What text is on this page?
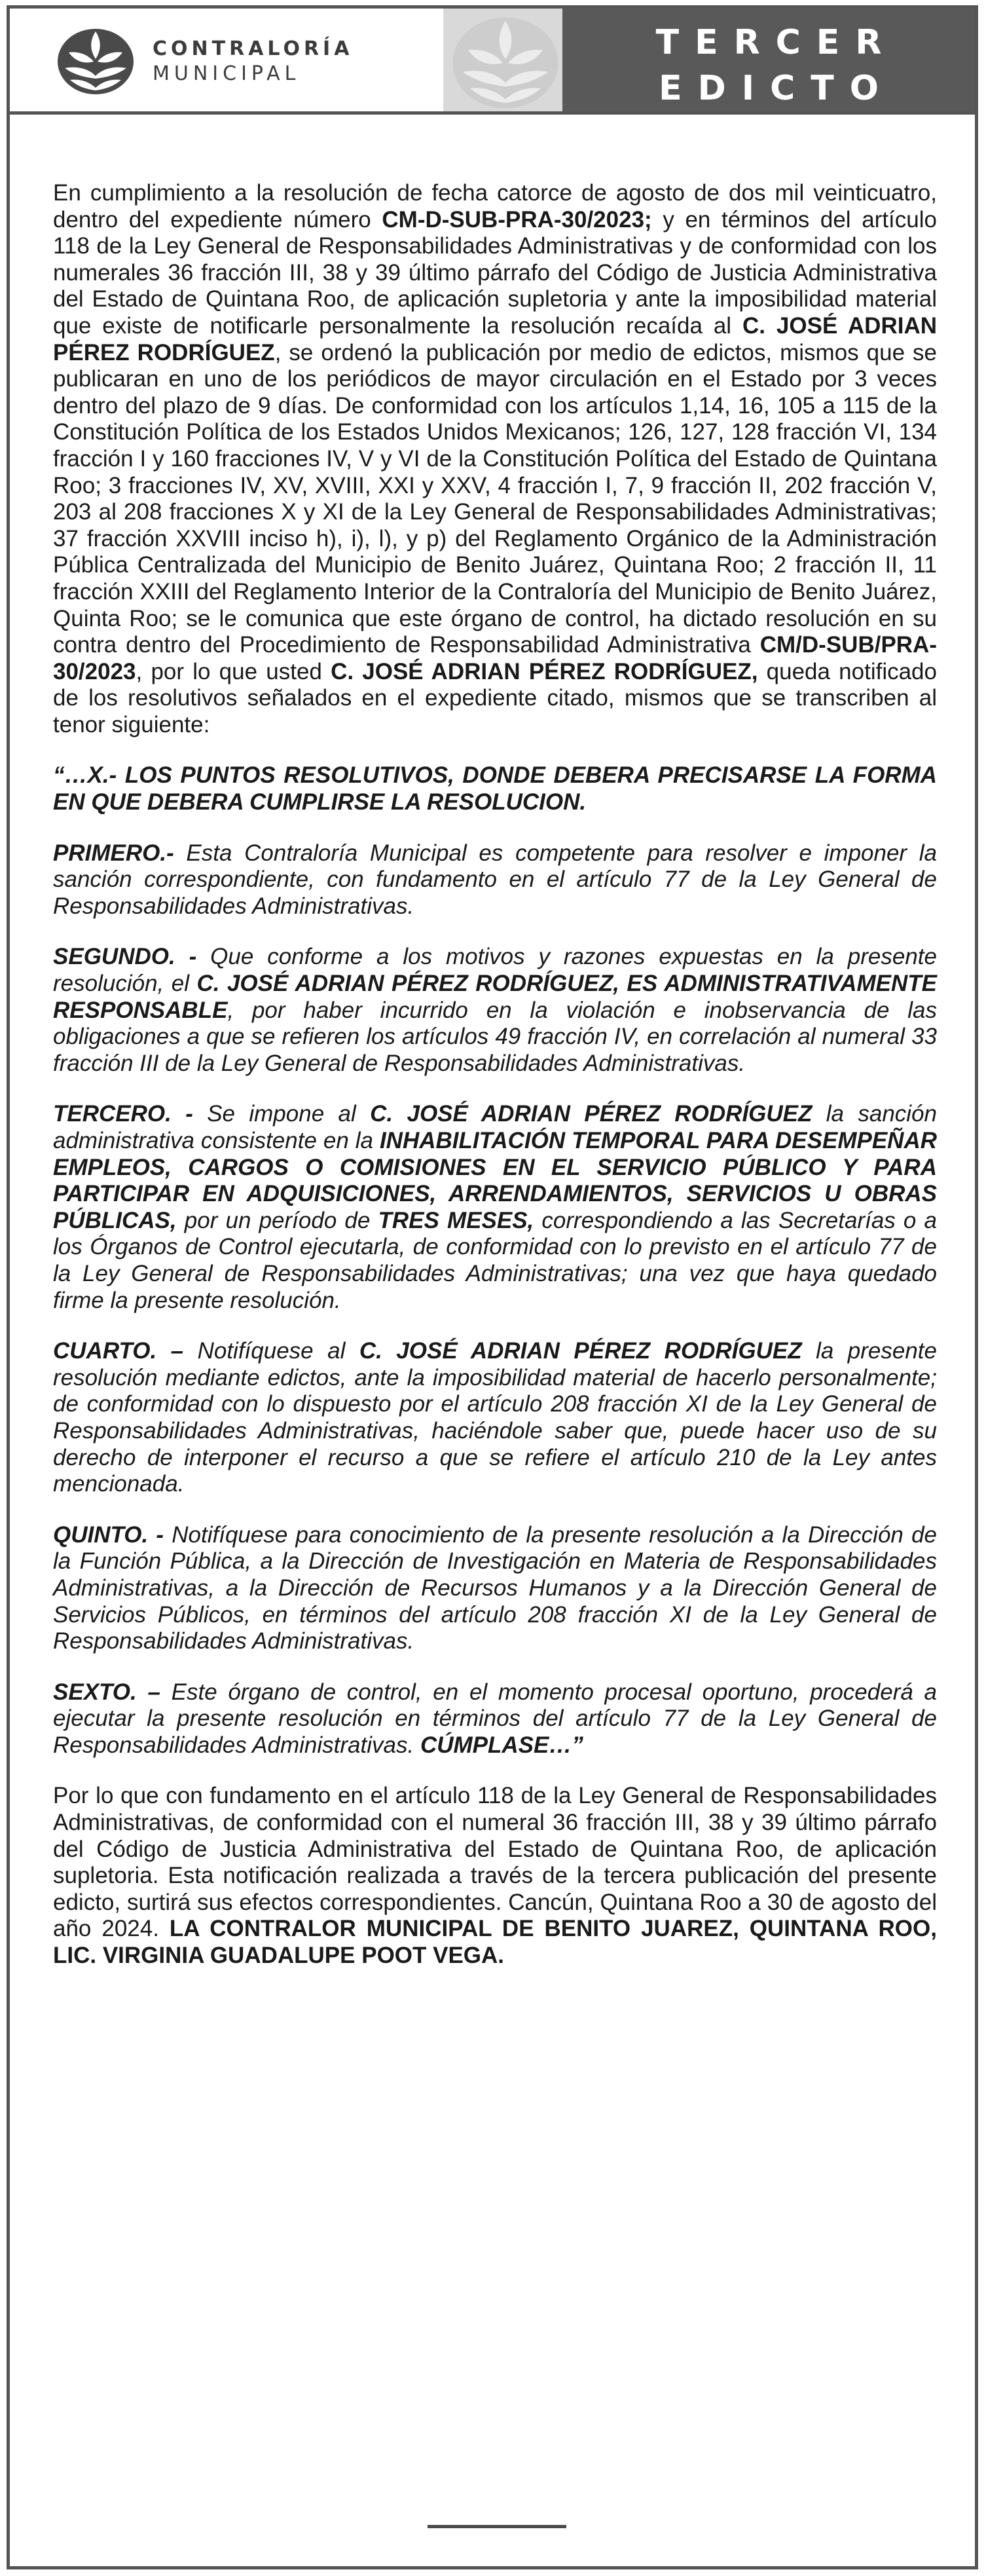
CONTRALORÍA
MUNICIPAL
TERCER
EDICTO

En cumplimiento a la resolución de fecha catorce de agosto de dos mil veinticuatro, dentro del expediente número CM-D-SUB-PRA-30/2023; y en términos del artículo 118 de la Ley General de Responsabilidades Administrativas y de conformidad con los numerales 36 fracción III, 38 y 39 último párrafo del Código de Justicia Administrativa del Estado de Quintana Roo, de aplicación supletoria y ante la imposibilidad material que existe de notificarle personalmente la resolución recaída al C. JOSÉ ADRIAN PÉREZ RODRÍGUEZ, se ordenó la publicación por medio de edictos, mismos que se publicaran en uno de los periódicos de mayor circulación en el Estado por 3 veces dentro del plazo de 9 días. De conformidad con los artículos 1,14, 16, 105 a 115 de la Constitución Política de los Estados Unidos Mexicanos; 126, 127, 128 fracción VI, 134 fracción I y 160 fracciones IV, V y VI de la Constitución Política del Estado de Quintana Roo; 3 fracciones IV, XV, XVIII, XXI y XXV, 4 fracción I, 7, 9 fracción II, 202 fracción V, 203 al 208 fracciones X y XI de la Ley General de Responsabilidades Administrativas; 37 fracción XXVIII inciso h), i), l), y p) del Reglamento Orgánico de la Administración Pública Centralizada del Municipio de Benito Juárez, Quintana Roo; 2 fracción II, 11 fracción XXIII del Reglamento Interior de la Contraloría del Municipio de Benito Juárez, Quinta Roo; se le comunica que este órgano de control, ha dictado resolución en su contra dentro del Procedimiento de Responsabilidad Administrativa CM/D-SUB/PRA-30/2023, por lo que usted C. JOSÉ ADRIAN PÉREZ RODRÍGUEZ, queda notificado de los resolutivos señalados en el expediente citado, mismos que se transcriben al tenor siguiente:

“…X.- LOS PUNTOS RESOLUTIVOS, DONDE DEBERA PRECISARSE LA FORMA EN QUE DEBERA CUMPLIRSE LA RESOLUCION.

PRIMERO.- Esta Contraloría Municipal es competente para resolver e imponer la sanción correspondiente, con fundamento en el artículo 77 de la Ley General de Responsabilidades Administrativas.

SEGUNDO. - Que conforme a los motivos y razones expuestas en la presente resolución, el C. JOSÉ ADRIAN PÉREZ RODRÍGUEZ, ES ADMINISTRATIVAMENTE RESPONSABLE, por haber incurrido en la violación e inobservancia de las obligaciones a que se refieren los artículos 49 fracción IV, en correlación al numeral 33 fracción III de la Ley General de Responsabilidades Administrativas.

TERCERO. - Se impone al C. JOSÉ ADRIAN PÉREZ RODRÍGUEZ la sanción administrativa consistente en la INHABILITACIÓN TEMPORAL PARA DESEMPEÑAR EMPLEOS, CARGOS O COMISIONES EN EL SERVICIO PÚBLICO Y PARA PARTICIPAR EN ADQUISICIONES, ARRENDAMIENTOS, SERVICIOS U OBRAS PÚBLICAS, por un período de TRES MESES, correspondiendo a las Secretarías o a los Órganos de Control ejecutarla, de conformidad con lo previsto en el artículo 77 de la Ley General de Responsabilidades Administrativas; una vez que haya quedado firme la presente resolución.

CUARTO. – Notifíquese al C. JOSÉ ADRIAN PÉREZ RODRÍGUEZ la presente resolución mediante edictos, ante la imposibilidad material de hacerlo personalmente; de conformidad con lo dispuesto por el artículo 208 fracción XI de la Ley General de Responsabilidades Administrativas, haciéndole saber que, puede hacer uso de su derecho de interponer el recurso a que se refiere el artículo 210 de la Ley antes mencionada.

QUINTO. - Notifíquese para conocimiento de la presente resolución a la Dirección de la Función Pública, a la Dirección de Investigación en Materia de Responsabilidades Administrativas, a la Dirección de Recursos Humanos y a la Dirección General de Servicios Públicos, en términos del artículo 208 fracción XI de la Ley General de Responsabilidades Administrativas.

SEXTO. – Este órgano de control, en el momento procesal oportuno, procederá a ejecutar la presente resolución en términos del artículo 77 de la Ley General de Responsabilidades Administrativas. CÚMPLASE…”

Por lo que con fundamento en el artículo 118 de la Ley General de Responsabilidades Administrativas, de conformidad con el numeral 36 fracción III, 38 y 39 último párrafo del Código de Justicia Administrativa del Estado de Quintana Roo, de aplicación supletoria. Esta notificación realizada a través de la tercera publicación del presente edicto, surtirá sus efectos correspondientes. Cancún, Quintana Roo a 30 de agosto del año 2024. LA CONTRALOR MUNICIPAL DE BENITO JUAREZ, QUINTANA ROO, LIC. VIRGINIA GUADALUPE POOT VEGA.
